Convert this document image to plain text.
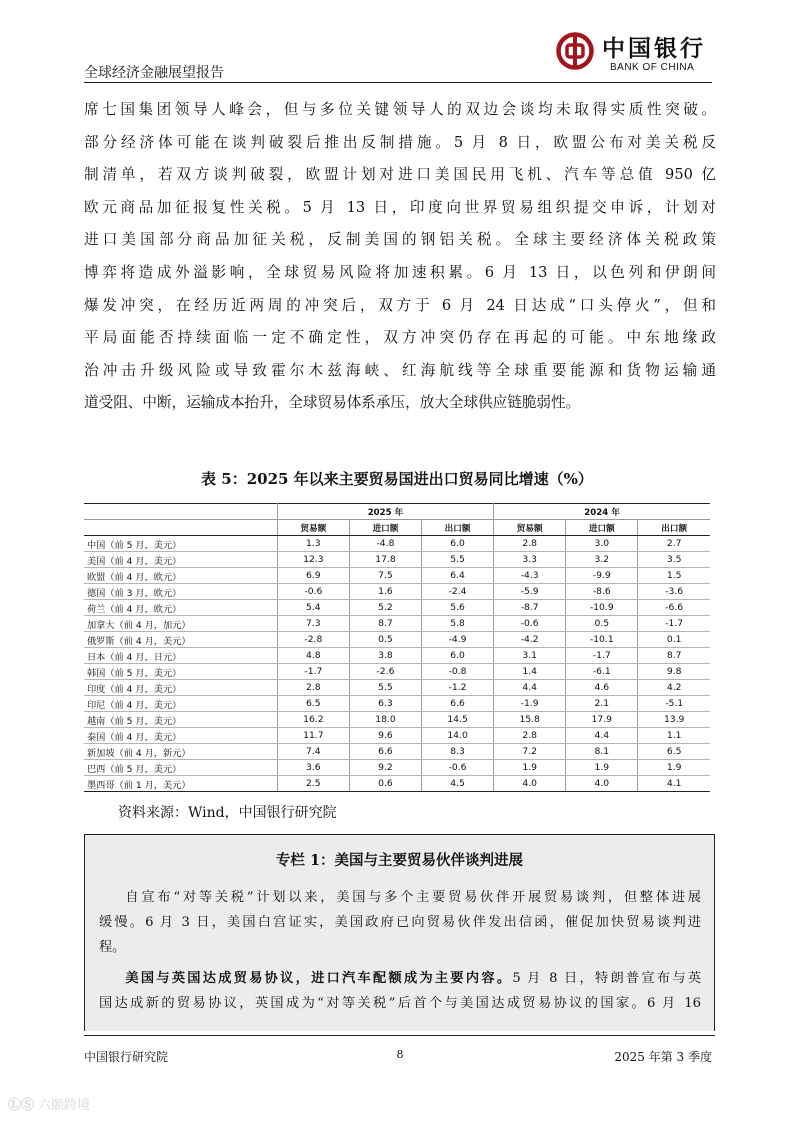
全球经济金融展望报告
中国银行
BANK OF CHINA
席七国集团领导人峰会，但与多位关键领导人的双边会谈均未取得实质性突破。
部分经济体可能在谈判破裂后推出反制措施。5 月 8 日，欧盟公布对美关税反
制清单，若双方谈判破裂，欧盟计划对进口美国民用飞机、汽车等总值 950 亿
欧元商品加征报复性关税。5 月 13 日，印度向世界贸易组织提交申诉，计划对
进口美国部分商品加征关税，反制美国的钢铝关税。全球主要经济体关税政策
博弈将造成外溢影响，全球贸易风险将加速积累。6 月 13 日，以色列和伊朗间
爆发冲突，在经历近两周的冲突后，双方于 6 月 24 日达成“口头停火”，但和
平局面能否持续面临一定不确定性，双方冲突仍存在再起的可能。中东地缘政
治冲击升级风险或导致霍尔木兹海峡、红海航线等全球重要能源和货物运输通
道受阻、中断，运输成本抬升，全球贸易体系承压，放大全球供应链脆弱性。
表 5：2025 年以来主要贸易国进出口贸易同比增速（%）
	2025 年			2024 年		
	贸易额	进口额	出口额	贸易额	进口额	出口额
中国（前 5 月，美元）	1.3	-4.8	6.0	2.8	3.0	2.7
美国（前 4 月，美元）	12.3	17.8	5.5	3.3	3.2	3.5
欧盟（前 4 月，欧元）	6.9	7.5	6.4	-4.3	-9.9	1.5
德国（前 3 月，欧元）	-0.6	1.6	-2.4	-5.9	-8.6	-3.6
荷兰（前 4 月，欧元）	5.4	5.2	5.6	-8.7	-10.9	-6.6
加拿大（前 4 月，加元）	7.3	8.7	5.8	-0.6	0.5	-1.7
俄罗斯（前 4 月，美元）	-2.8	0.5	-4.9	-4.2	-10.1	0.1
日本（前 4 月，日元）	4.8	3.8	6.0	3.1	-1.7	8.7
韩国（前 5 月，美元）	-1.7	-2.6	-0.8	1.4	-6.1	9.8
印度（前 4 月，美元）	2.8	5.5	-1.2	4.4	4.6	4.2
印尼（前 4 月，美元）	6.5	6.3	6.6	-1.9	2.1	-5.1
越南（前 5 月，美元）	16.2	18.0	14.5	15.8	17.9	13.9
泰国（前 4 月，美元）	11.7	9.6	14.0	2.8	4.4	1.1
新加坡（前 4 月，新元）	7.4	6.6	8.3	7.2	8.1	6.5
巴西（前 5 月，美元）	3.6	9.2	-0.6	1.9	1.9	1.9
墨西哥（前 1 月，美元）	2.5	0.6	4.5	4.0	4.0	4.1
资料来源：Wind，中国银行研究院
专栏 1：美国与主要贸易伙伴谈判进展
自宣布“对等关税”计划以来，美国与多个主要贸易伙伴开展贸易谈判，但整体进展
缓慢。6 月 3 日，美国白宫证实，美国政府已向贸易伙伴发出信函，催促加快贸易谈判进
程。
美国与英国达成贸易协议，进口汽车配额成为主要内容。5 月 8 日，特朗普宣布与英
国达成新的贸易协议，英国成为“对等关税”后首个与美国达成贸易协议的国家。6 月 16
中国银行研究院	8	2025 年第 3 季度
ⓁⓈ 六颐跨境
